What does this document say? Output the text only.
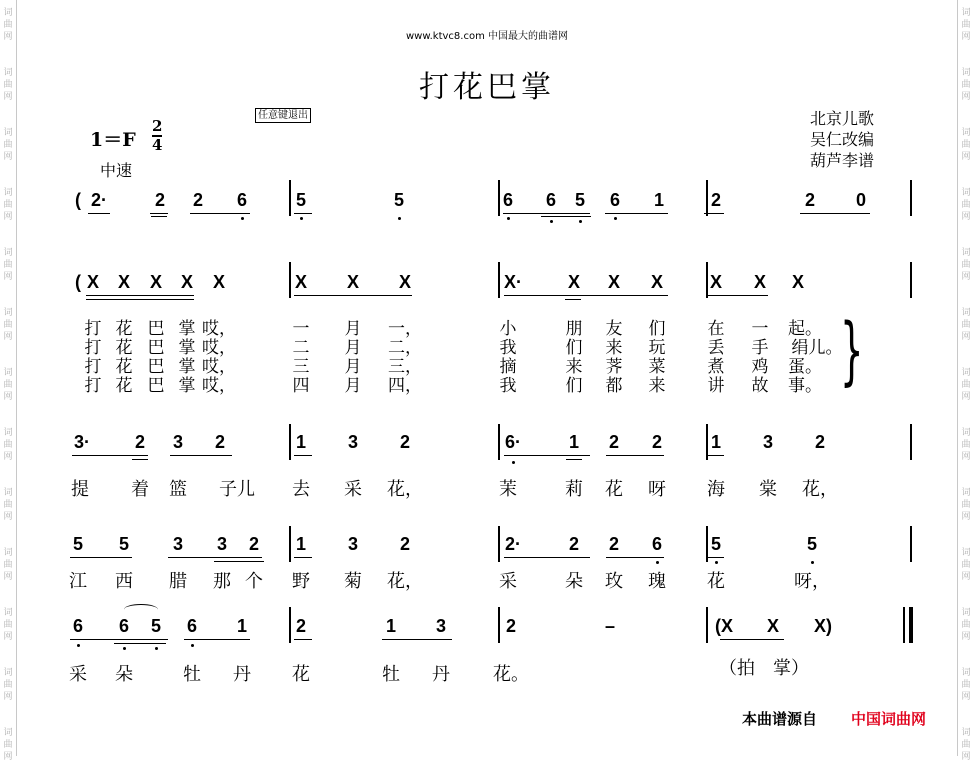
www.ktvc8.com 中国最大的曲谱网
打花巴掌
任意键退出
1＝F
2
4
中速
北京儿歌
吴仁改编
葫芦李谱
( 2·	2 2 6	5	5	6 6 5 6 1	2	2 0
( X X X X X	X X X	X·	X X X	X X X
打 花 巴 掌 哎，	一 月 一，	小	朋 友 们 在 一 起。
打 花 巴 掌 哎，	二 月 二，	我	们 来 玩 丢 手 绢儿。
打 花 巴 掌 哎，	三 月 三，	摘	来 荠 菜 煮 鸡 蛋。
打 花 巴 掌 哎，	四 月 四，	我	们 都 来 讲 故 事。
3· 2 3 2	1 3 2	6·	1 2 2	1 3 2
提 着 篮 子儿 去 采 花，	茉	莉 花 呀 海 棠 花，
5 5 3 3 2 1 3 2	2·	2 2 6	5	5
江 西 腊 那 个 野 菊 花，	采	朵 玫 瑰 花	呀，
6 6 5 6 1	2	1 3	2	–	(X X X)
采 朵	牡 丹 花	牡 丹 花。	（拍　掌）
}
本曲谱源自 中国词曲网
词
曲
网
词
曲
网
词
曲
网
词
曲
网
词
曲
网
词
曲
网
词
曲
网
词
曲
网
词
曲
网
词
曲
网
词
曲
网
词
曲
网
词
曲
网
词
曲
网
词
曲
网
词
曲
网
词
曲
网
词
曲
网
词
曲
网
词
曲
网
词
曲
网
词
曲
网
词
曲
网
词
曲
网
词
曲
网
词
曲
网
